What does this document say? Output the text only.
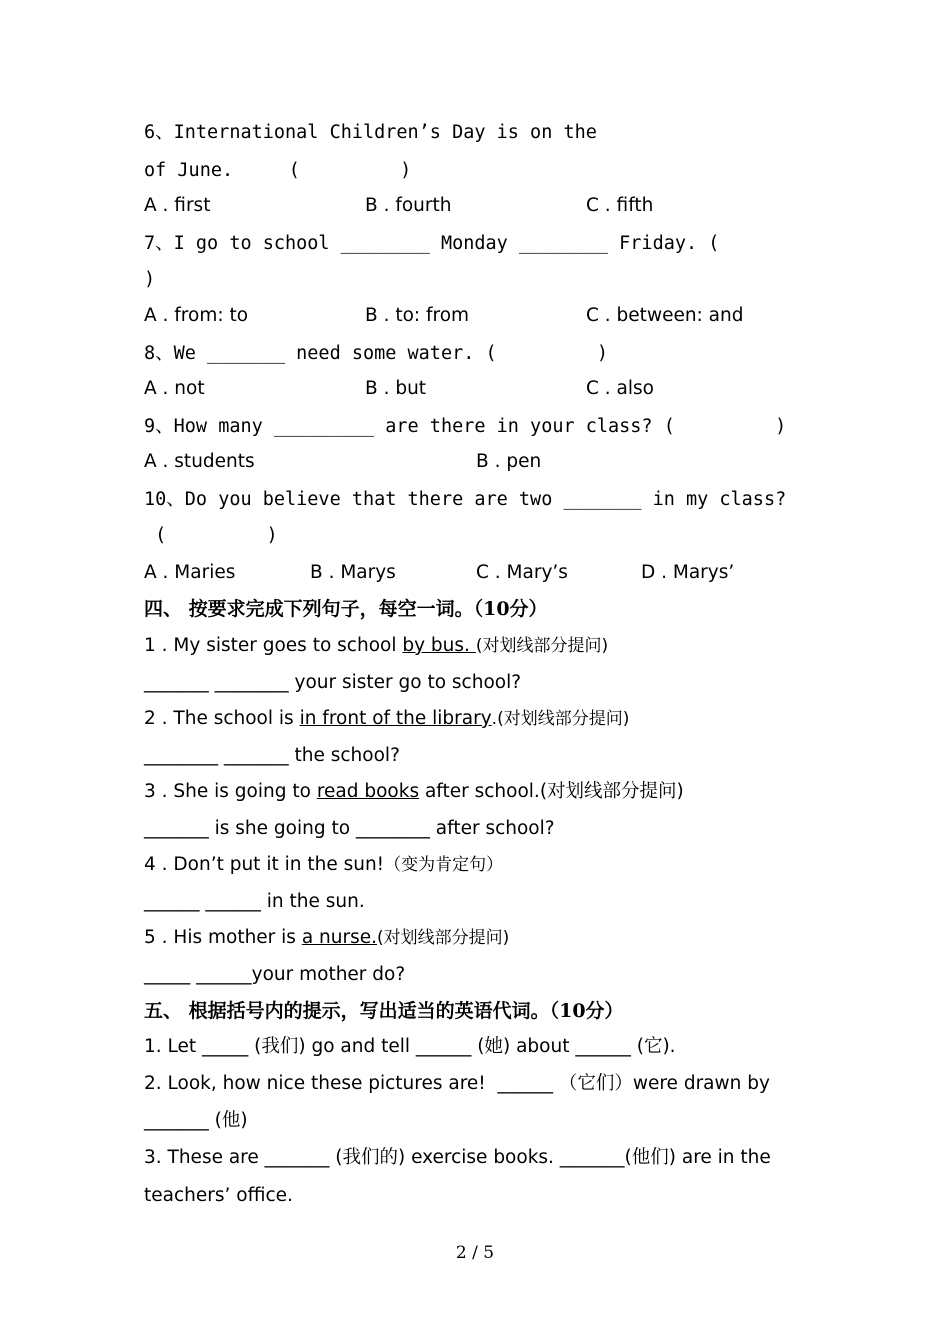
6、International Children’s Day is on the
of June.     (         )
A . first	B . fourth	C . fifth
7、I go to school ________ Monday ________ Friday. (
)
A . from: to	B . to: from	C . between: and
8、We _______ need some water. (         )
A . not	B . but	C . also
9、How many _________ are there in your class? (         )
A . students	B . pen
10、Do you believe that there are two _______ in my class?
(         )
A . Maries	B . Marys	C . Mary’s	D . Marys’
四、 按要求完成下列句子，每空一词。（10分）
1 . My sister goes to school by bus. (对划线部分提问)
_______ ________ your sister go to school?
2 . The school is in front of the library.(对划线部分提问)
________ _______ the school?
3 . She is going to read books after school.(对划线部分提问)
_______ is she going to ________ after school?
4 . Don’t put it in the sun!（变为肯定句）
______ ______ in the sun.
5 . His mother is a nurse.(对划线部分提问)
_____ ______your mother do?
五、 根据括号内的提示，写出适当的英语代词。（10分）
1. Let _____ (我们) go and tell ______ (她) about ______ (它).
2. Look, how nice these pictures are!  ______ （它们）were drawn by
_______ (他)
3. These are _______ (我们的) exercise books. _______(他们) are in the
teachers’ office.
2 / 5
